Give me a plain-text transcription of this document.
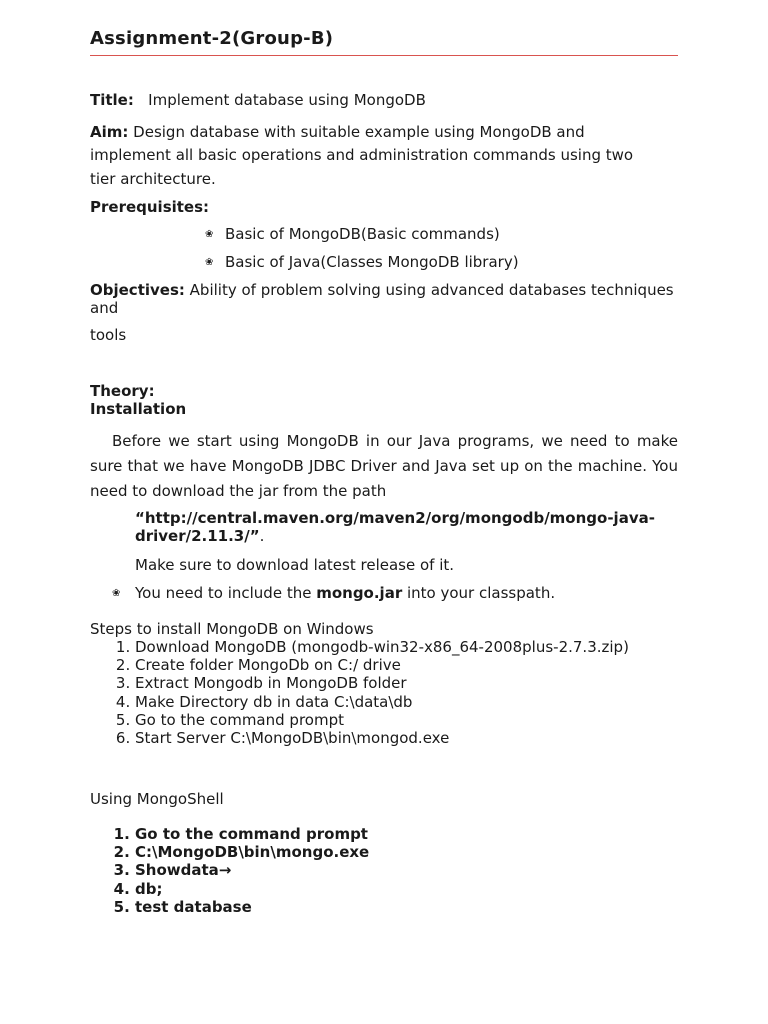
Assignment-2(Group-B)
Title: Implement database using MongoDB
Aim: Design database with suitable example using MongoDB and
implement all basic operations and administration commands using two
tier architecture.
Prerequisites:
❀ Basic of MongoDB(Basic commands)
❀ Basic of Java(Classes MongoDB library)
Objectives: Ability of problem solving using advanced databases techniques
and
tools
Theory:
Installation
Before we start using MongoDB in our Java programs, we need to make sure that we have MongoDB JDBC Driver and Java set up on the machine. You need to download the jar from the path
“http://central.maven.org/maven2/org/mongodb/mongo-java-
driver/2.11.3/”.
Make sure to download latest release of it.
❀ You need to include the mongo.jar into your classpath.
Steps to install MongoDB on Windows
1. Download MongoDB (mongodb-win32-x86_64-2008plus-2.7.3.zip)
2. Create folder MongoDb on C:/ drive
3. Extract Mongodb in MongoDB folder
4. Make Directory db in data C:\data\db
5. Go to the command prompt
6. Start Server C:\MongoDB\bin\mongod.exe
Using MongoShell
1. Go to the command prompt
2. C:\MongoDB\bin\mongo.exe
3. Showdata→
4. db;
5. test database
